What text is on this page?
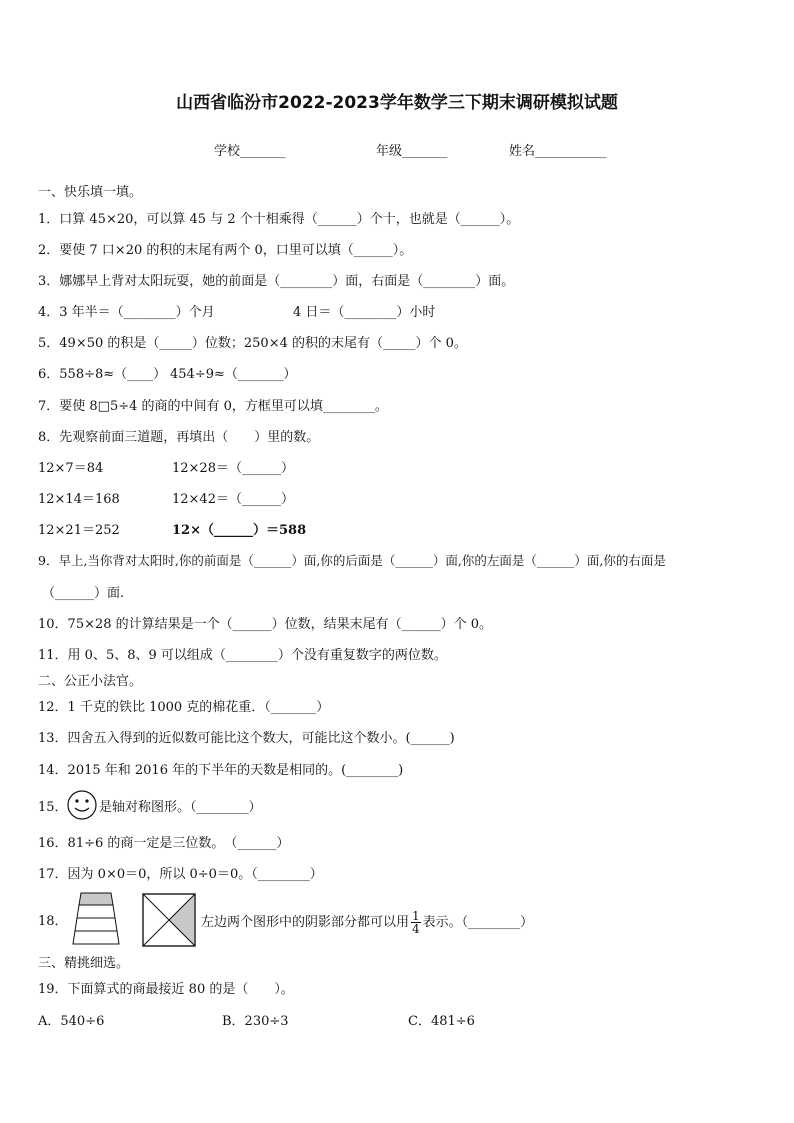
山西省临汾市2022-2023学年数学三下期末调研模拟试题
学校_______	年级_______	姓名___________
一、快乐填一填。
1．口算 45×20，可以算 45 与 2 个十相乘得（______）个十，也就是（______）。
2．要使 7 口×20 的积的末尾有两个 0，口里可以填（______）。
3．娜娜早上背对太阳玩耍，她的前面是（________）面，右面是（________）面。
4．3 年半＝（________）个月	4 日＝（________）小时
5．49×50 的积是（_____）位数；250×4 的积的末尾有（_____）个 0。
6．558÷8≈（____） 454÷9≈（_______）
7．要使 8□5÷4 的商的中间有 0，方框里可以填________。
8．先观察前面三道题，再填出（　　）里的数。
12×7＝84	12×28＝（______）
12×14＝168	12×42＝（______）
12×21＝252	12×（______）＝588
9．早上,当你背对太阳时,你的前面是（______）面,你的后面是（______）面,你的左面是（______）面,你的右面是
（______）面.
10．75×28 的计算结果是一个（______）位数，结果末尾有（______）个 0。
11．用 0、5、8、9 可以组成（________）个没有重复数字的两位数。
二、公正小法官。
12．1 千克的铁比 1000 克的棉花重．（_______）
13．四舍五入得到的近似数可能比这个数大，可能比这个数小。(______)
14．2015 年和 2016 年的下半年的天数是相同的。(________)
15． 是轴对称图形。（________）
16．81÷6 的商一定是三位数。　（______）
17．因为 0×0＝0，所以 0÷0＝0。（________）
18．	左边两个图形中的阴影部分都可以用 $\frac{1}{4}$ 表示。（________）
三、精挑细选。
19．下面算式的商最接近 80 的是（　　）。
A．540÷6	B．230÷3	C．481÷6
